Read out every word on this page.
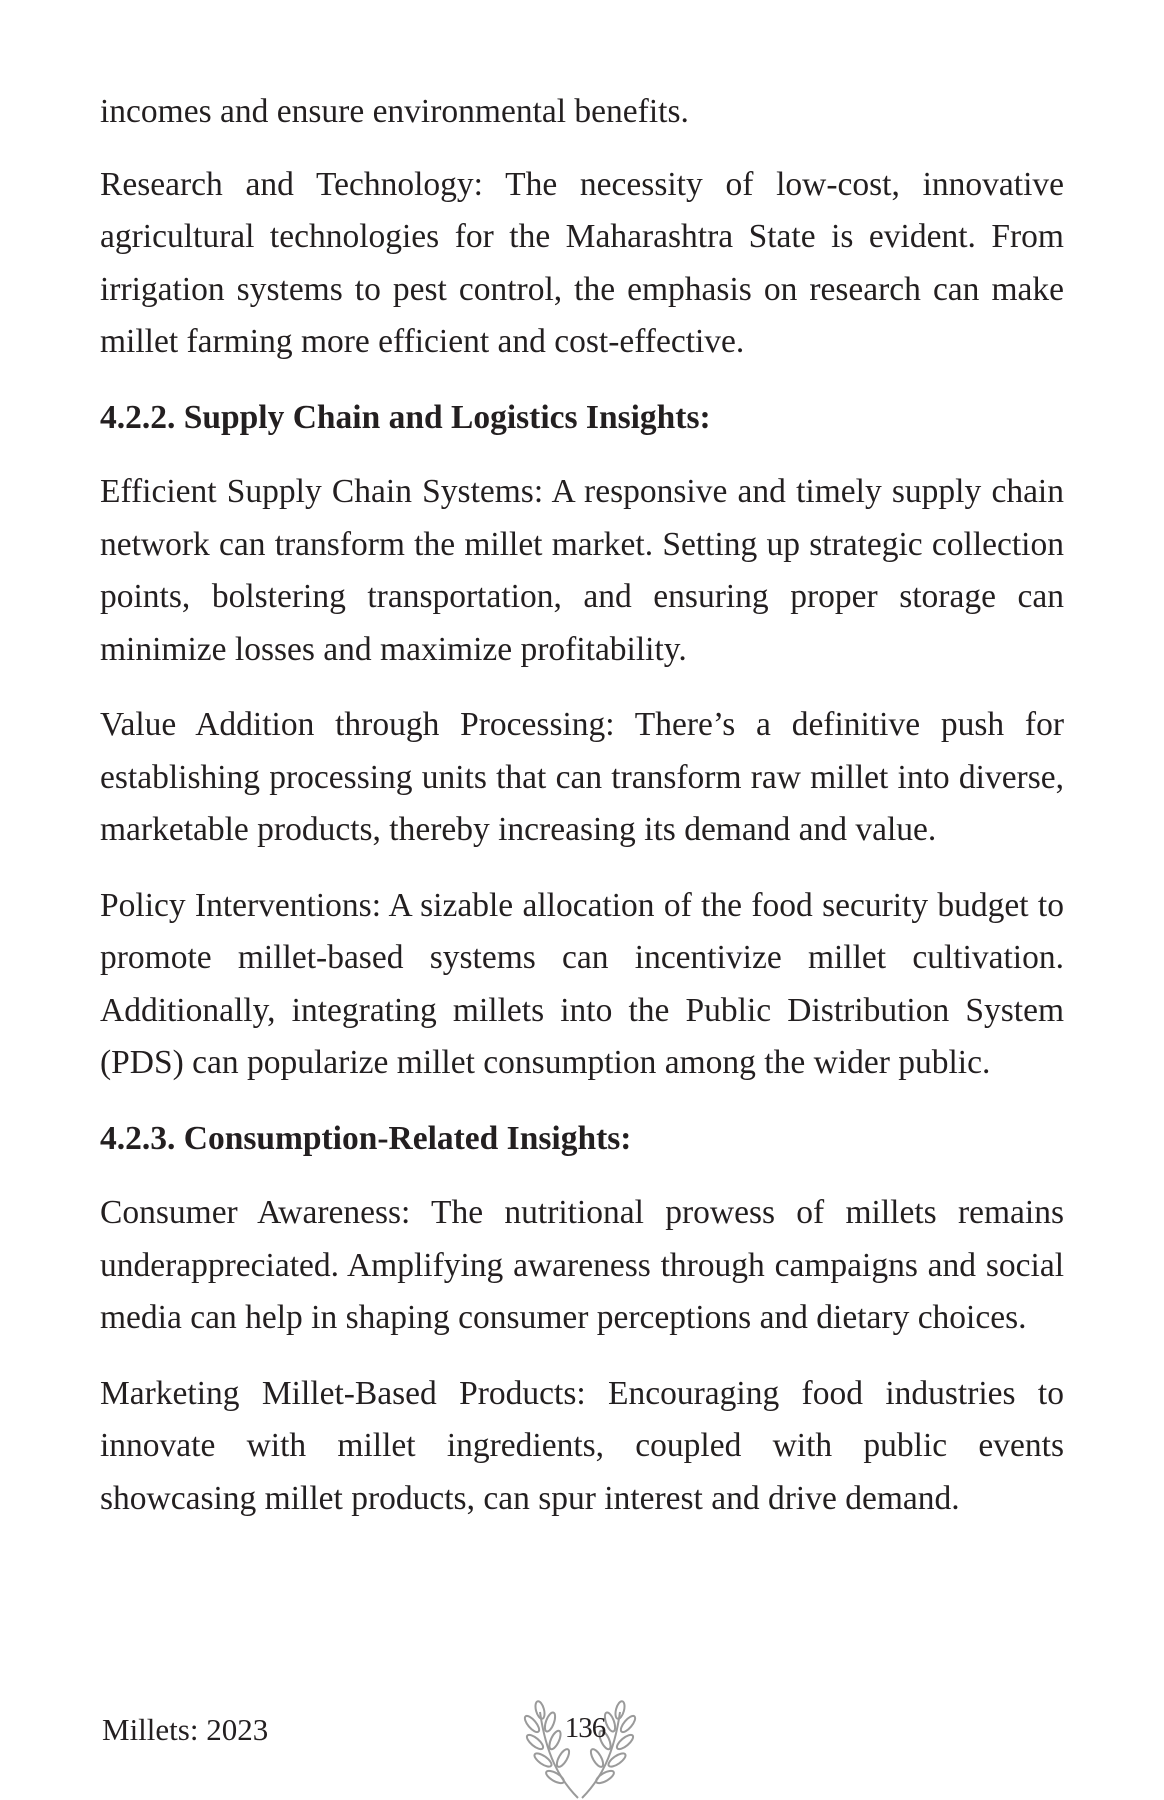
incomes and ensure environmental benefits.

Research and Technology: The necessity of low-cost, innovative agricultural technologies for the Maharashtra State is evident. From irrigation systems to pest control, the emphasis on research can make millet farming more efficient and cost-effective.

4.2.2. Supply Chain and Logistics Insights:

Efficient Supply Chain Systems: A responsive and timely supply chain network can transform the millet market. Setting up strategic collection points, bolstering transportation, and ensuring proper storage can minimize losses and maximize profitability.

Value Addition through Processing: There’s a definitive push for establishing processing units that can transform raw millet into diverse, marketable products, thereby increasing its demand and value.

Policy Interventions: A sizable allocation of the food security budget to promote millet-based systems can incentivize millet cultivation. Additionally, integrating millets into the Public Distribution System (PDS) can popularize millet consumption among the wider public.

4.2.3. Consumption-Related Insights:

Consumer Awareness: The nutritional prowess of millets remains underappreciated. Amplifying awareness through campaigns and social media can help in shaping consumer perceptions and dietary choices.

Marketing Millet-Based Products: Encouraging food industries to innovate with millet ingredients, coupled with public events showcasing millet products, can spur interest and drive demand.

Millets: 2023	136
